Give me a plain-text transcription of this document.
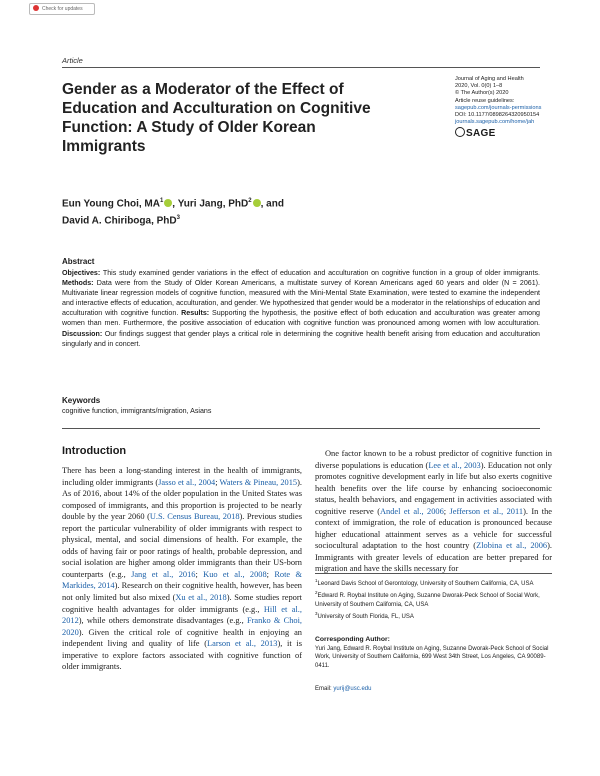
Check for updates
Article
Gender as a Moderator of the Effect of Education and Acculturation on Cognitive Function: A Study of Older Korean Immigrants
Journal of Aging and Health
2020, Vol. 0(0) 1–8
© The Author(s) 2020
Article reuse guidelines:
sagepub.com/journals-permissions
DOI: 10.1177/0898264320950154
journals.sagepub.com/home/jah
SAGE
Eun Young Choi, $MA^1$ , Yuri Jang, PhD$^2$ , and
David A. Chiriboga, PhD$^3$
Abstract

Objectives: This study examined gender variations in the effect of education and acculturation on cognitive function in a group of older immigrants. Methods: Data were from the Study of Older Korean Americans, a multistate survey of Korean Americans aged 60 years and older (N = 2061). Multivariate linear regression models of cognitive function, measured with the Mini-Mental State Examination, were tested to examine the independent and interactive effects of education, acculturation, and gender. We hypothesized that gender would be a moderator in the relationships of education and acculturation with cognitive function. Results: Supporting the hypothesis, the positive effect of both education and acculturation was greater among women than men. Furthermore, the positive association of education with cognitive function was pronounced among women with low acculturation. Discussion: Our findings suggest that gender plays a critical role in determining the cognitive health benefit arising from education and acculturation singularly and in concert.

Keywords
cognitive function, immigrants/migration, Asians
Introduction

There has been a long-standing interest in the health of immigrants, including older immigrants (Jasso et al., 2004; Waters & Pineau, 2015). As of 2016, about 14% of the older population in the United States was composed of immigrants, and this proportion is projected to be nearly double by the year 2060 (U.S. Census Bureau, 2018). Previous studies report the particular vulnerability of older immigrants with respect to physical, mental, and social dimensions of health. For example, the odds of having fair or poor ratings of health, probable depression, and social isolation are higher among older immigrants than their US-born counterparts (e.g., Jang et al., 2016; Kuo et al., 2008; Rote & Markides, 2014). Research on their cognitive health, however, has been not only limited but also mixed (Xu et al., 2018). Some studies report cognitive health advantages for older immigrants (e.g., Hill et al., 2012), while others demonstrate disadvantages (e.g., Franko & Choi, 2020). Given the critical role of cognitive health in enjoying an independent living and quality of life (Larson et al., 2013), it is imperative to explore factors associated with cognitive function of older immigrants.

One factor known to be a robust predictor of cognitive function in diverse populations is education (Lee et al., 2003). Education not only promotes cognitive development early in life but also exerts cognitive health benefits over the life course by enhancing socioeconomic status, health behaviors, and engagement in activities associated with cognitive reserve (Andel et al., 2006; Jefferson et al., 2011). In the context of immigration, the role of education is pronounced because higher educational attainment serves as a vehicle for successful sociocultural adaptation to the host country (Zlobina et al., 2006). Immigrants with greater levels of education are better prepared for migration and have the skills necessary for

$^1$Leonard Davis School of Gerontology, University of Southern California, CA, USA

$^2$Edward R. Roybal Institute on Aging, Suzanne Dworak-Peck School of Social Work, University of Southern California, CA, USA

$^3$University of South Florida, FL, USA

Corresponding Author:

Yuri Jang, Edward R. Roybal Institute on Aging, Suzanne Dworak-Peck School of Social Work, University of Southern California, 699 West 34th Street, Los Angeles, CA 90089-0411.

Email: yurij@usc.edu
